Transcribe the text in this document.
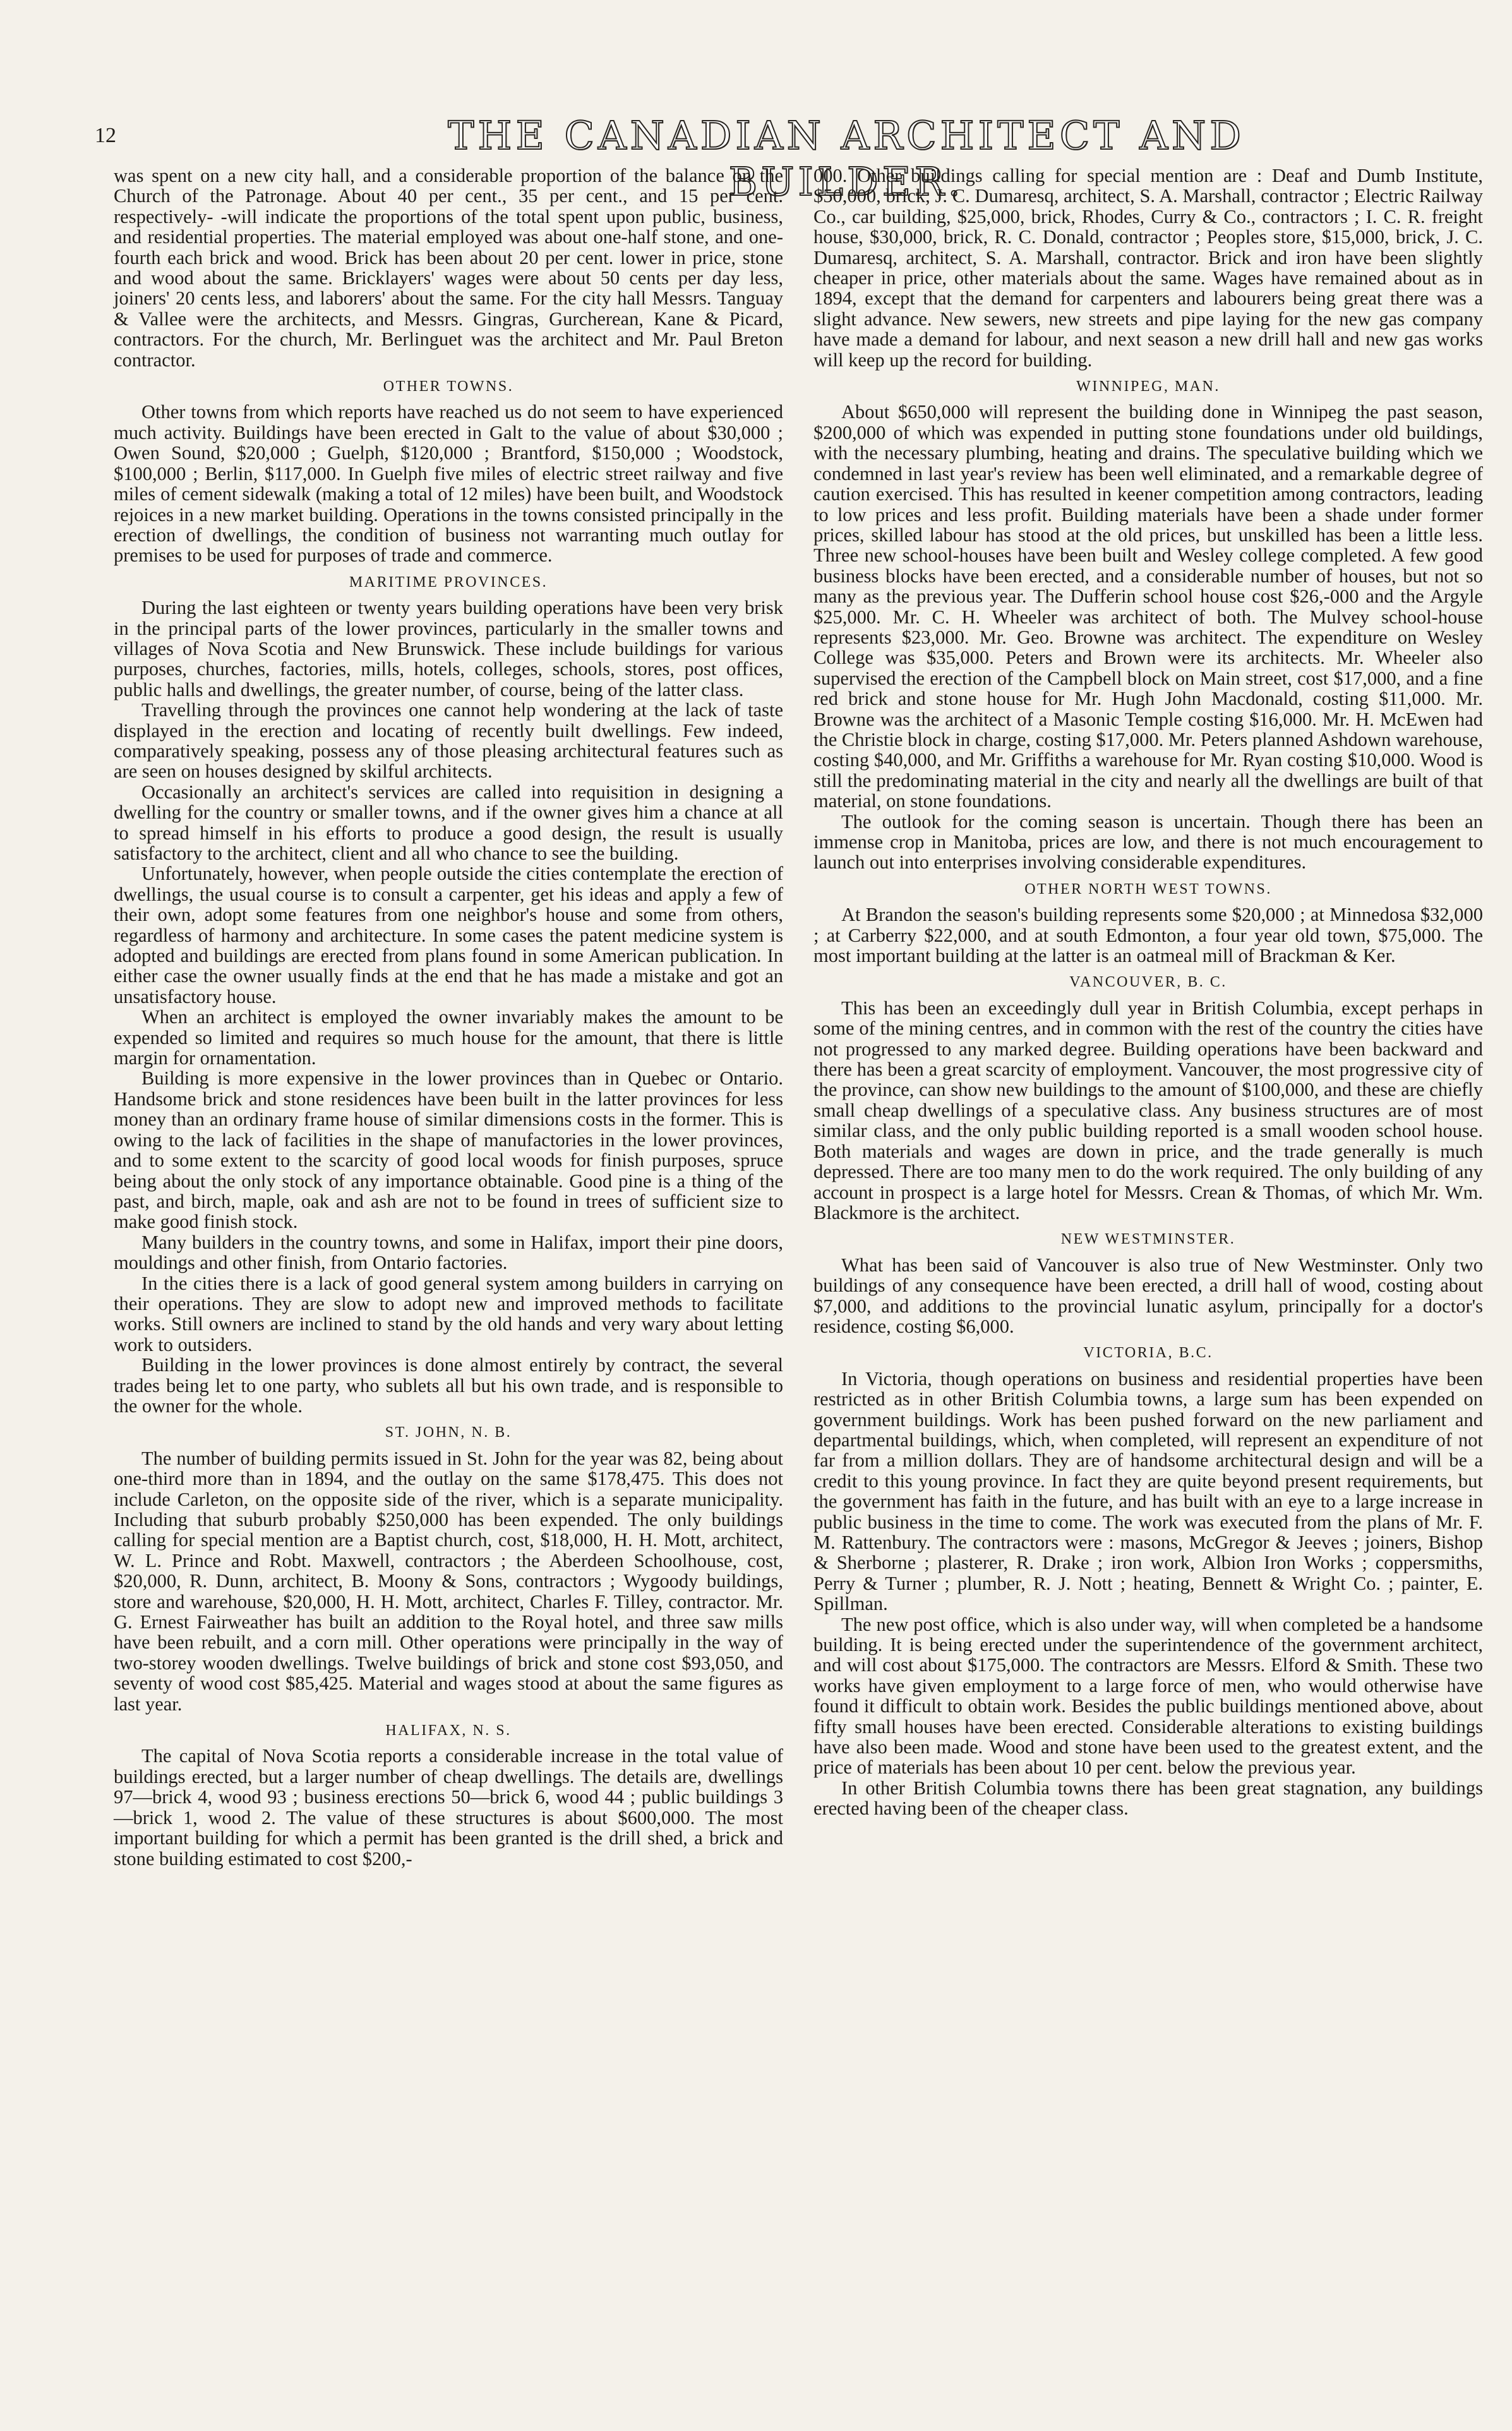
12	THE CANADIAN ARCHITECT AND BUILDER.

was spent on a new city hall, and a considerable proportion of the balance on the Church of the Patronage. About 40 per cent., 35 per cent., and 15 per cent. respectively- -will indicate the proportions of the total spent upon public, business, and residential properties. The material employed was about one-half stone, and one-fourth each brick and wood. Brick has been about 20 per cent. lower in price, stone and wood about the same. Bricklayers' wages were about 50 cents per day less, joiners' 20 cents less, and laborers' about the same. For the city hall Messrs. Tanguay & Vallee were the architects, and Messrs. Gingras, Gurcherean, Kane & Picard, contractors. For the church, Mr. Berlinguet was the architect and Mr. Paul Breton contractor.

OTHER TOWNS.

Other towns from which reports have reached us do not seem to have experienced much activity. Buildings have been erected in Galt to the value of about $30,000 ; Owen Sound, $20,000 ; Guelph, $120,000 ; Brantford, $150,000 ; Woodstock, $100,000 ; Berlin, $117,000. In Guelph five miles of electric street railway and five miles of cement sidewalk (making a total of 12 miles) have been built, and Woodstock rejoices in a new market building. Operations in the towns consisted principally in the erection of dwellings, the condition of business not warranting much outlay for premises to be used for purposes of trade and commerce.

MARITIME PROVINCES.

During the last eighteen or twenty years building operations have been very brisk in the principal parts of the lower provinces, particularly in the smaller towns and villages of Nova Scotia and New Brunswick. These include buildings for various purposes, churches, factories, mills, hotels, colleges, schools, stores, post offices, public halls and dwellings, the greater number, of course, being of the latter class.

Travelling through the provinces one cannot help wondering at the lack of taste displayed in the erection and locating of recently built dwellings. Few indeed, comparatively speaking, possess any of those pleasing architectural features such as are seen on houses designed by skilful architects.

Occasionally an architect's services are called into requisition in designing a dwelling for the country or smaller towns, and if the owner gives him a chance at all to spread himself in his efforts to produce a good design, the result is usually satisfactory to the architect, client and all who chance to see the building.

Unfortunately, however, when people outside the cities contemplate the erection of dwellings, the usual course is to consult a carpenter, get his ideas and apply a few of their own, adopt some features from one neighbor's house and some from others, regardless of harmony and architecture. In some cases the patent medicine system is adopted and buildings are erected from plans found in some American publication. In either case the owner usually finds at the end that he has made a mistake and got an unsatisfactory house.

When an architect is employed the owner invariably makes the amount to be expended so limited and requires so much house for the amount, that there is little margin for ornamentation.

Building is more expensive in the lower provinces than in Quebec or Ontario. Handsome brick and stone residences have been built in the latter provinces for less money than an ordinary frame house of similar dimensions costs in the former. This is owing to the lack of facilities in the shape of manufactories in the lower provinces, and to some extent to the scarcity of good local woods for finish purposes, spruce being about the only stock of any importance obtainable. Good pine is a thing of the past, and birch, maple, oak and ash are not to be found in trees of sufficient size to make good finish stock.

Many builders in the country towns, and some in Halifax, import their pine doors, mouldings and other finish, from Ontario factories.

In the cities there is a lack of good general system among builders in carrying on their operations. They are slow to adopt new and improved methods to facilitate works. Still owners are inclined to stand by the old hands and very wary about letting work to outsiders.

Building in the lower provinces is done almost entirely by contract, the several trades being let to one party, who sublets all but his own trade, and is responsible to the owner for the whole.

ST. JOHN, N. B.

The number of building permits issued in St. John for the year was 82, being about one-third more than in 1894, and the outlay on the same $178,475. This does not include Carleton, on the opposite side of the river, which is a separate municipality. Including that suburb probably $250,000 has been expended. The only buildings calling for special mention are a Baptist church, cost, $18,000, H. H. Mott, architect, W. L. Prince and Robt. Maxwell, contractors ; the Aberdeen Schoolhouse, cost, $20,000, R. Dunn, architect, B. Moony & Sons, contractors ; Wygoody buildings, store and warehouse, $20,000, H. H. Mott, architect, Charles F. Tilley, contractor. Mr. G. Ernest Fairweather has built an addition to the Royal hotel, and three saw mills have been rebuilt, and a corn mill. Other operations were principally in the way of two-storey wooden dwellings. Twelve buildings of brick and stone cost $93,050, and seventy of wood cost $85,425. Material and wages stood at about the same figures as last year.

HALIFAX, N. S.

The capital of Nova Scotia reports a considerable increase in the total value of buildings erected, but a larger number of cheap dwellings. The details are, dwellings 97—brick 4, wood 93 ; business erections 50—brick 6, wood 44 ; public buildings 3—brick 1, wood 2. The value of these structures is about $600,000. The most important building for which a permit has been granted is the drill shed, a brick and stone building estimated to cost $200,-

000. Other buildings calling for special mention are : Deaf and Dumb Institute, $50,000, brick, J. C. Dumaresq, architect, S. A. Marshall, contractor ; Electric Railway Co., car building, $25,000, brick, Rhodes, Curry & Co., contractors ; I. C. R. freight house, $30,000, brick, R. C. Donald, contractor ; Peoples store, $15,000, brick, J. C. Dumaresq, architect, S. A. Marshall, contractor. Brick and iron have been slightly cheaper in price, other materials about the same. Wages have remained about as in 1894, except that the demand for carpenters and labourers being great there was a slight advance. New sewers, new streets and pipe laying for the new gas company have made a demand for labour, and next season a new drill hall and new gas works will keep up the record for building.

WINNIPEG, MAN.

About $650,000 will represent the building done in Winnipeg the past season, $200,000 of which was expended in putting stone foundations under old buildings, with the necessary plumbing, heating and drains. The speculative building which we condemned in last year's review has been well eliminated, and a remarkable degree of caution exercised. This has resulted in keener competition among contractors, leading to low prices and less profit. Building materials have been a shade under former prices, skilled labour has stood at the old prices, but unskilled has been a little less. Three new school-houses have been built and Wesley college completed. A few good business blocks have been erected, and a considerable number of houses, but not so many as the previous year. The Dufferin school house cost $26,-000 and the Argyle $25,000. Mr. C. H. Wheeler was architect of both. The Mulvey school-house represents $23,000. Mr. Geo. Browne was architect. The expenditure on Wesley College was $35,000. Peters and Brown were its architects. Mr. Wheeler also supervised the erection of the Campbell block on Main street, cost $17,000, and a fine red brick and stone house for Mr. Hugh John Macdonald, costing $11,000. Mr. Browne was the architect of a Masonic Temple costing $16,000. Mr. H. McEwen had the Christie block in charge, costing $17,000. Mr. Peters planned Ashdown warehouse, costing $40,000, and Mr. Griffiths a warehouse for Mr. Ryan costing $10,000. Wood is still the predominating material in the city and nearly all the dwellings are built of that material, on stone foundations.

The outlook for the coming season is uncertain. Though there has been an immense crop in Manitoba, prices are low, and there is not much encouragement to launch out into enterprises involving considerable expenditures.

OTHER NORTH WEST TOWNS.

At Brandon the season's building represents some $20,000 ; at Minnedosa $32,000 ; at Carberry $22,000, and at south Edmonton, a four year old town, $75,000. The most important building at the latter is an oatmeal mill of Brackman & Ker.

VANCOUVER, B. C.

This has been an exceedingly dull year in British Columbia, except perhaps in some of the mining centres, and in common with the rest of the country the cities have not progressed to any marked degree. Building operations have been backward and there has been a great scarcity of employment. Vancouver, the most progressive city of the province, can show new buildings to the amount of $100,000, and these are chiefly small cheap dwellings of a speculative class. Any business structures are of most similar class, and the only public building reported is a small wooden school house. Both materials and wages are down in price, and the trade generally is much depressed. There are too many men to do the work required. The only building of any account in prospect is a large hotel for Messrs. Crean & Thomas, of which Mr. Wm. Blackmore is the architect.

NEW WESTMINSTER.

What has been said of Vancouver is also true of New Westminster. Only two buildings of any consequence have been erected, a drill hall of wood, costing about $7,000, and additions to the provincial lunatic asylum, principally for a doctor's residence, costing $6,000.

VICTORIA, B.C.

In Victoria, though operations on business and residential properties have been restricted as in other British Columbia towns, a large sum has been expended on government buildings. Work has been pushed forward on the new parliament and departmental buildings, which, when completed, will represent an expenditure of not far from a million dollars. They are of handsome architectural design and will be a credit to this young province. In fact they are quite beyond present requirements, but the government has faith in the future, and has built with an eye to a large increase in public business in the time to come. The work was executed from the plans of Mr. F. M. Rattenbury. The contractors were : masons, McGregor & Jeeves ; joiners, Bishop & Sherborne ; plasterer, R. Drake ; iron work, Albion Iron Works ; coppersmiths, Perry & Turner ; plumber, R. J. Nott ; heating, Bennett & Wright Co. ; painter, E. Spillman.

The new post office, which is also under way, will when completed be a handsome building. It is being erected under the superintendence of the government architect, and will cost about $175,000. The contractors are Messrs. Elford & Smith. These two works have given employment to a large force of men, who would otherwise have found it difficult to obtain work. Besides the public buildings mentioned above, about fifty small houses have been erected. Considerable alterations to existing buildings have also been made. Wood and stone have been used to the greatest extent, and the price of materials has been about 10 per cent. below the previous year.

In other British Columbia towns there has been great stagnation, any buildings erected having been of the cheaper class.
